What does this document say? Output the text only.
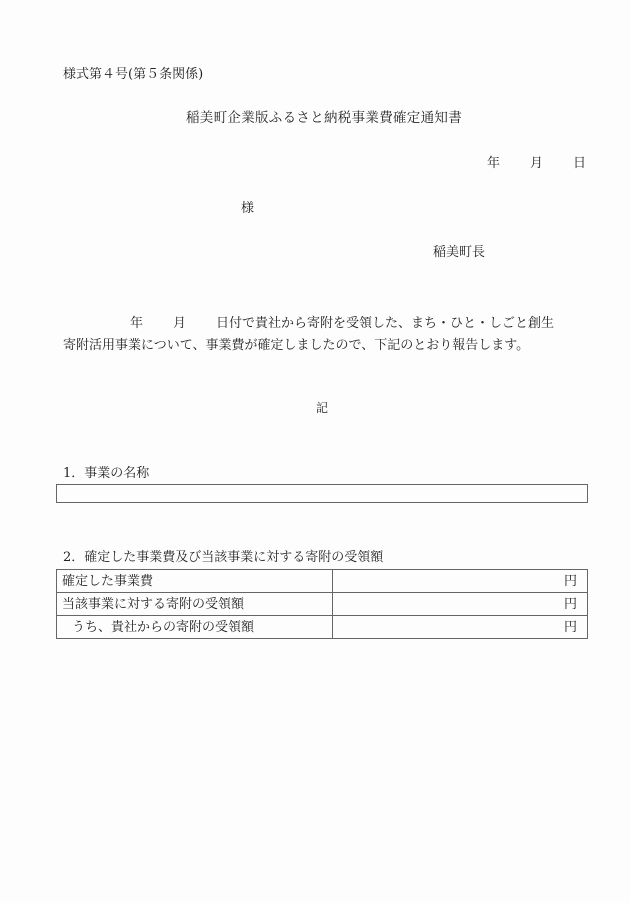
様式第４号(第５条関係)
稲美町企業版ふるさと納税事業費確定通知書
年 月 日
様
稲美町長
年 月 日付で貴社から寄附を受領した、まち・ひと・しごと創生
寄附活用事業について、事業費が確定しましたので、下記のとおり報告します。
記
1．事業の名称
2．確定した事業費及び当該事業に対する寄附の受領額
確定した事業費	円
当該事業に対する寄附の受領額	円
うち、貴社からの寄附の受領額	円
